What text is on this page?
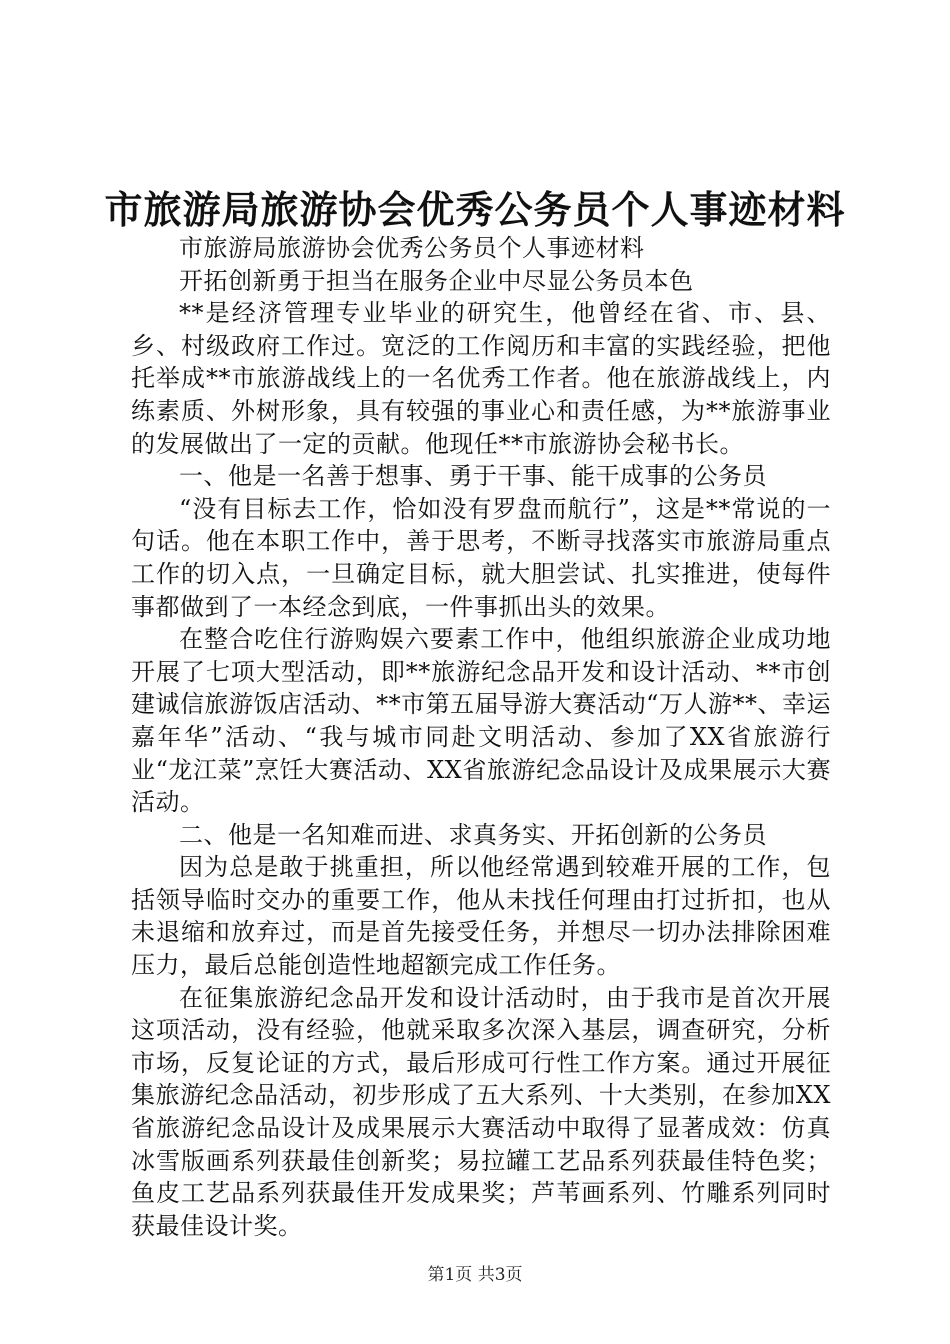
市旅游局旅游协会优秀公务员个人事迹材料

市旅游局旅游协会优秀公务员个人事迹材料

开拓创新勇于担当在服务企业中尽显公务员本色

**是经济管理专业毕业的研究生，他曾经在省、市、县、乡、村级政府工作过。宽泛的工作阅历和丰富的实践经验，把他托举成**市旅游战线上的一名优秀工作者。他在旅游战线上，内练素质、外树形象，具有较强的事业心和责任感，为**旅游事业的发展做出了一定的贡献。他现任**市旅游协会秘书长。

一、他是一名善于想事、勇于干事、能干成事的公务员

“没有目标去工作，恰如没有罗盘而航行”，这是**常说的一句话。他在本职工作中，善于思考，不断寻找落实市旅游局重点工作的切入点，一旦确定目标，就大胆尝试、扎实推进，使每件事都做到了一本经念到底，一件事抓出头的效果。

在整合吃住行游购娱六要素工作中，他组织旅游企业成功地开展了七项大型活动，即**旅游纪念品开发和设计活动、**市创建诚信旅游饭店活动、**市第五届导游大赛活动“万人游**、幸运嘉年华”活动、“我与城市同赴文明活动、参加了XX省旅游行业“龙江菜”烹饪大赛活动、XX省旅游纪念品设计及成果展示大赛活动。

二、他是一名知难而进、求真务实、开拓创新的公务员

因为总是敢于挑重担，所以他经常遇到较难开展的工作，包括领导临时交办的重要工作，他从未找任何理由打过折扣，也从未退缩和放弃过，而是首先接受任务，并想尽一切办法排除困难压力，最后总能创造性地超额完成工作任务。

在征集旅游纪念品开发和设计活动时，由于我市是首次开展这项活动，没有经验，他就采取多次深入基层，调查研究，分析市场，反复论证的方式，最后形成可行性工作方案。通过开展征集旅游纪念品活动，初步形成了五大系列、十大类别，在参加XX省旅游纪念品设计及成果展示大赛活动中取得了显著成效：仿真冰雪版画系列获最佳创新奖；易拉罐工艺品系列获最佳特色奖；鱼皮工艺品系列获最佳开发成果奖；芦苇画系列、竹雕系列同时获最佳设计奖。

第1页 共3页
